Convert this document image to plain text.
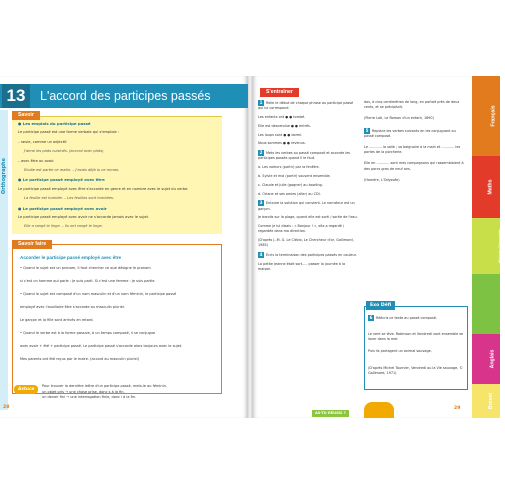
13	L'accord des participes passés
Orthographe
● Les emplois du participe passé
Le participe passé est une forme verbale qui s'emploie :
– seule, comme un adjectif.
J'aime les plats cuisinés. (accord avec plats)
– avec être ou avoir.
Elodie est partie ce matin. – J'avais déjà lu ce roman.
● Le participe passé employé avec être
Le participe passé employé avec être s'accorde en genre et en nombre avec le sujet du verbe.
La feuille est tombée. – Les feuilles sont tombées.
● Le participe passé employé avec avoir
Le participe passé employé avec avoir ne s'accorde jamais avec le sujet.
Elle a rangé le linge. – Ils ont rangé le linge.
Savoir
Savoir faire
Accorder le participe passé employé avec être
• Quand le sujet est un pronom, il faut chercher ce que désigne le pronom
si c'est un homme qui parle : Je suis parti. Si c'est une femme : Je suis partie.
• Quand le sujet est composé d'un nom masculin et d'un nom féminin, le participe passé
employé avec l'auxiliaire être s'accorde au masculin pluriel.
Le garçon et la fille sont arrivés en retard.
• Quand le verbe est à la forme passive, à un temps composé, il se conjugue
avec avoir + été + participe passé. Le participe passé s'accorde alors toujours avec le sujet.
Mes parents ont été reçus par le maire. (accord au masculin pluriel)
Astuce
Pour trouver la dernière lettre d'un participe passé, mets-le au féminin.
un objet pris → une chose prise, donc s à la fin.
un devoir fini → une interrogation finie, donc i à la fin.
28
S'entraîner
1 Relie le début de chaque phrase au participe passé qui lui correspond.
Les enfants ont ● ● tombé.
Elle est descendue ● ● entrés.
Les loups sont ● ● dormi.
Nous sommes ● ● revenus.
2 Mets les verbes au passé composé et accorde les participes passés quand il le faut.
a. Les voleurs (partir) par la fenêtre.
b. Sylvie et moi (partir) souvent ensemble.
c. Claude et Julie (gagner) au bowling.
d. Oriane et ses amies (aller) au CDI.
3 Entoure la solution qui convient. Le narrateur est un garçon.
Je bondis sur la plage, quand elle est sorti / sortie de l'eau.
Comme je lui disais : « Bonjour ! », elle a regardé / regardée dans ma direction.
(D'après J.-M. G. Le Clézio, Le Chercheur d'or, Gallimard, 1985)
4 Écris la terminaison des participes passés en couleur.
La petite Jeanne était sort..... passer la journée à la maison.
dos, à cinq centimètres de long, en portait près de deux cents, et se précipitait.
(Pierre Loti, Le Roman d'un enfant, 1890)
5 Replace les verbes suivants en les conjuguant au passé composé.
Le ............ la salle ; sa baignoire à la main et ............ les portes de la porcherie.
Elle en ............ sont mes compagnons qui rassemblaient à des porcs gras de neuf ans.
(Homère, L'Odyssée)
6 Réécris ce texte au passé composé.
Le vent se lève. Robinson et Vendredi vont ensemble se laver dans la mer.
Puis ils partagent un animal sauvage.
(D'après Michel Tournier, Vendredi ou la Vie sauvage, © Gallimard, 1971)
Exo Défi
Français
Maths
Histoire Géographie
Sciences et technologie
Anglais
Brevet
AS-TU RÉUSSI ?
29
